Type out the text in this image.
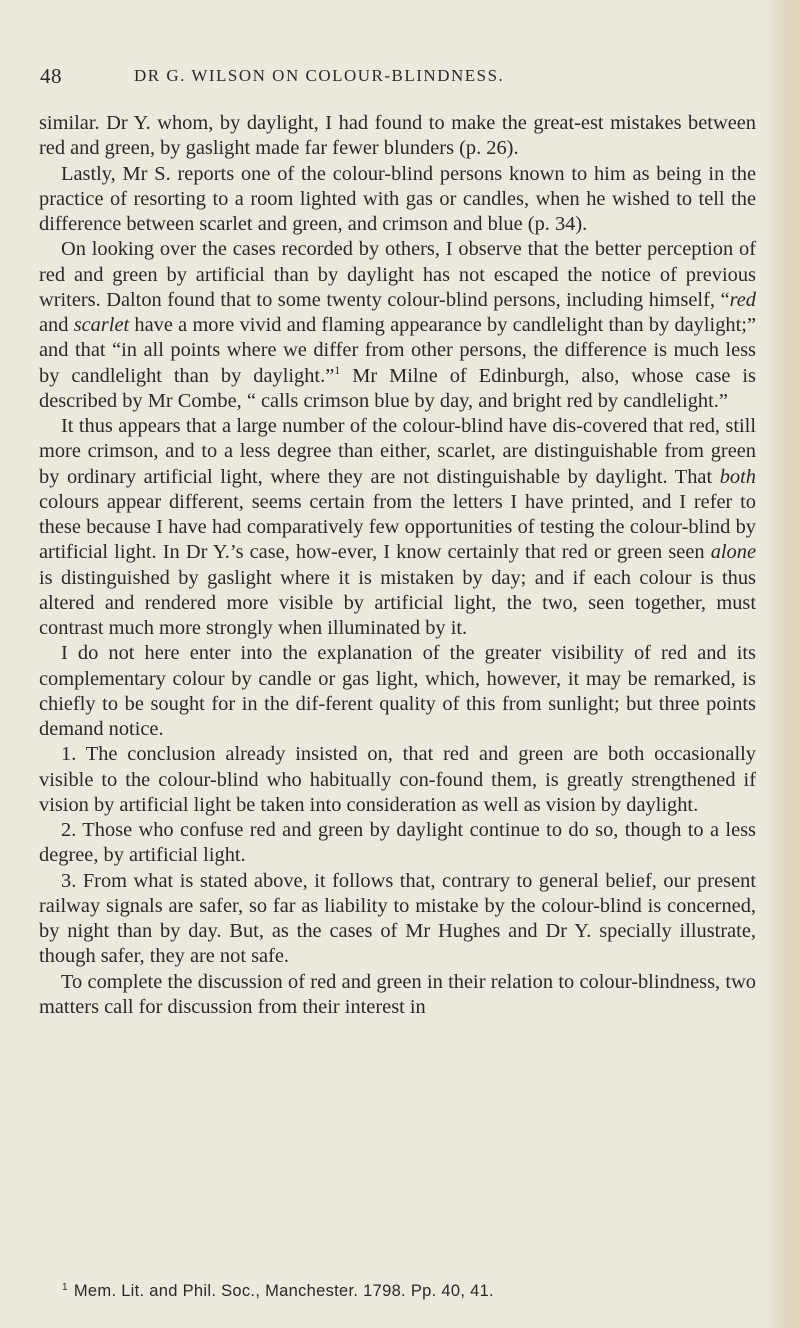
48	DR G. WILSON ON COLOUR-BLINDNESS.

similar. Dr Y. whom, by daylight, I had found to make the great-est mistakes between red and green, by gaslight made far fewer blunders (p. 26).

Lastly, Mr S. reports one of the colour-blind persons known to him as being in the practice of resorting to a room lighted with gas or candles, when he wished to tell the difference between scarlet and green, and crimson and blue (p. 34).

On looking over the cases recorded by others, I observe that the better perception of red and green by artificial than by daylight has not escaped the notice of previous writers. Dalton found that to some twenty colour-blind persons, including himself, “red and scarlet have a more vivid and flaming appearance by candlelight than by daylight;” and that “in all points where we differ from other persons, the difference is much less by candlelight than by daylight.”$^1$ Mr Milne of Edinburgh, also, whose case is described by Mr Combe, “ calls crimson blue by day, and bright red by candlelight.”

It thus appears that a large number of the colour-blind have dis-covered that red, still more crimson, and to a less degree than either, scarlet, are distinguishable from green by ordinary artificial light, where they are not distinguishable by daylight. That both colours appear different, seems certain from the letters I have printed, and I refer to these because I have had comparatively few opportunities of testing the colour-blind by artificial light. In Dr Y.’s case, how-ever, I know certainly that red or green seen alone is distinguished by gaslight where it is mistaken by day; and if each colour is thus altered and rendered more visible by artificial light, the two, seen together, must contrast much more strongly when illuminated by it.

I do not here enter into the explanation of the greater visibility of red and its complementary colour by candle or gas light, which, however, it may be remarked, is chiefly to be sought for in the dif-ferent quality of this from sunlight; but three points demand notice.

1. The conclusion already insisted on, that red and green are both occasionally visible to the colour-blind who habitually con-found them, is greatly strengthened if vision by artificial light be taken into consideration as well as vision by daylight.

2. Those who confuse red and green by daylight continue to do so, though to a less degree, by artificial light.

3. From what is stated above, it follows that, contrary to general belief, our present railway signals are safer, so far as liability to mistake by the colour-blind is concerned, by night than by day. But, as the cases of Mr Hughes and Dr Y. specially illustrate, though safer, they are not safe.

To complete the discussion of red and green in their relation to colour-blindness, two matters call for discussion from their interest in

$^1$ Mem. Lit. and Phil. Soc., Manchester. 1798. Pp. 40, 41.
